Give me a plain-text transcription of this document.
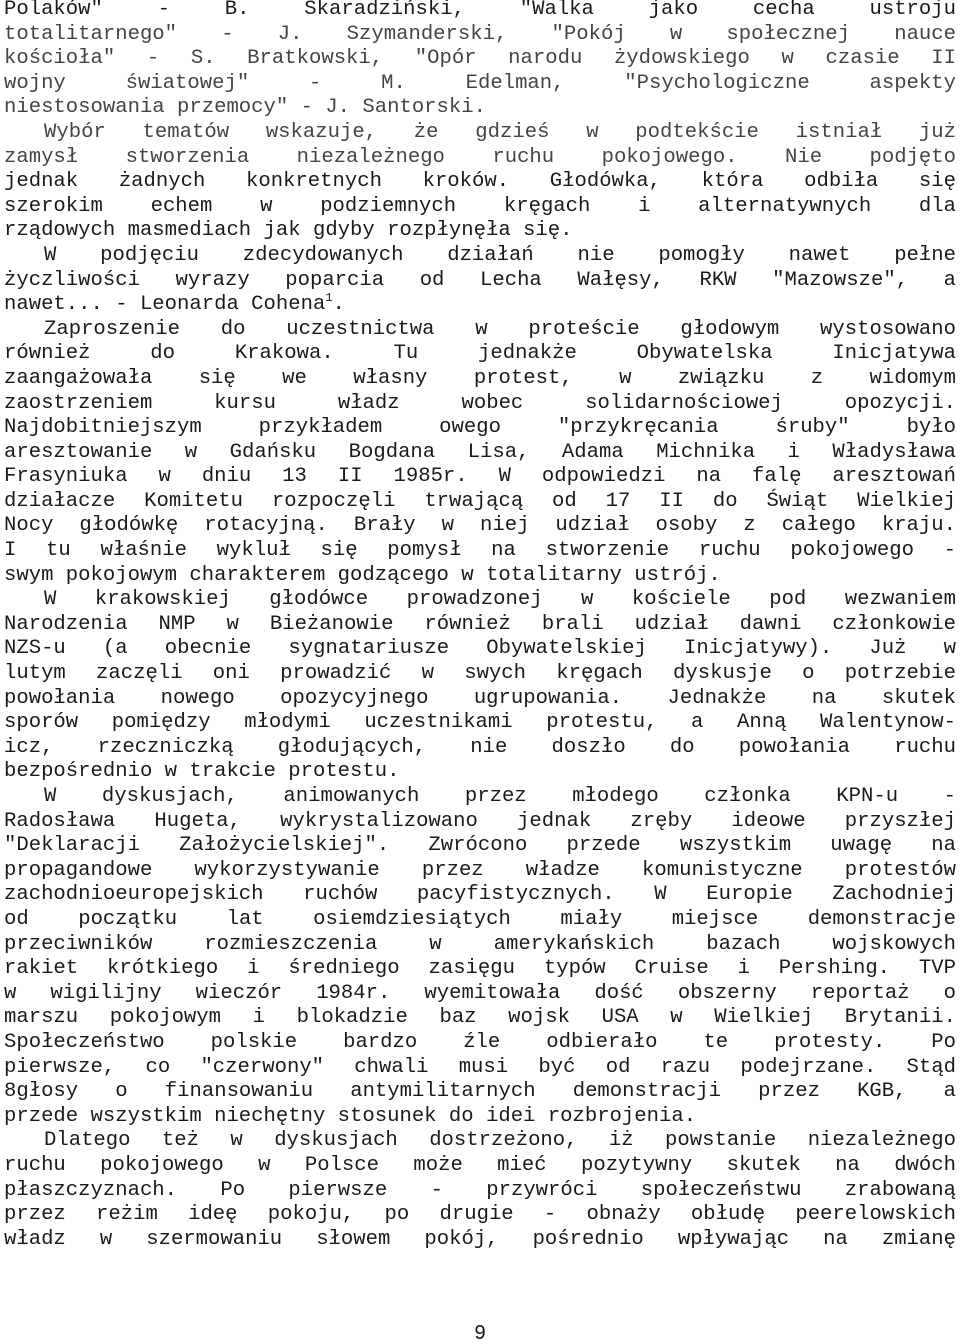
Polaków" - B. Skaradziński, "Walka jako cecha ustroju
totalitarnego" - J. Szymanderski, "Pokój w społecznej nauce
kościoła" - S. Bratkowski, "Opór narodu żydowskiego w czasie II
wojny światowej" - M. Edelman, "Psychologiczne aspekty
niestosowania przemocy" - J. Santorski.
Wybór tematów wskazuje, że gdzieś w podtekście istniał już
zamysł stworzenia niezależnego ruchu pokojowego. Nie podjęto
jednak żadnych konkretnych kroków. Głodówka, która odbiła się
szerokim echem w podziemnych kręgach i alternatywnych dla
rządowych masmediach jak gdyby rozpłynęła się.
W podjęciu zdecydowanych działań nie pomogły nawet pełne
życzliwości wyrazy poparcia od Lecha Wałęsy, RKW "Mazowsze", a
nawet... - Leonarda Cohena$^1$.
Zaproszenie do uczestnictwa w proteście głodowym wystosowano
również do Krakowa. Tu jednakże Obywatelska Inicjatywa
zaangażowała się we własny protest, w związku z widomym
zaostrzeniem kursu władz wobec solidarnościowej opozycji.
Najdobitniejszym przykładem owego "przykręcania śruby" było
aresztowanie w Gdańsku Bogdana Lisa, Adama Michnika i Władysława
Frasyniuka w dniu 13 II 1985r. W odpowiedzi na falę aresztowań
działacze Komitetu rozpoczęli trwającą od 17 II do Świąt Wielkiej
Nocy głodówkę rotacyjną. Brały w niej udział osoby z całego kraju.
I tu właśnie wykluł się pomysł na stworzenie ruchu pokojowego -
swym pokojowym charakterem godzącego w totalitarny ustrój.
W krakowskiej głodówce prowadzonej w kościele pod wezwaniem
Narodzenia NMP w Bieżanowie również brali udział dawni członkowie
NZS-u (a obecnie sygnatariusze Obywatelskiej Inicjatywy). Już w
lutym zaczęli oni prowadzić w swych kręgach dyskusje o potrzebie
powołania nowego opozycyjnego ugrupowania. Jednakże na skutek
sporów pomiędzy młodymi uczestnikami protestu, a Anną Walentynow-
icz, rzeczniczką głodujących, nie doszło do powołania ruchu
bezpośrednio w trakcie protestu.
W dyskusjach, animowanych przez młodego członka KPN-u -
Radosława Hugeta, wykrystalizowano jednak zręby ideowe przyszłej
"Deklaracji Założycielskiej". Zwrócono przede wszystkim uwagę na
propagandowe wykorzystywanie przez władze komunistyczne protestów
zachodnioeuropejskich ruchów pacyfistycznych. W Europie Zachodniej
od początku lat osiemdziesiątych miały miejsce demonstracje
przeciwników rozmieszczenia w amerykańskich bazach wojskowych
rakiet krótkiego i średniego zasięgu typów Cruise i Pershing. TVP
w wigilijny wieczór 1984r. wyemitowała dość obszerny reportaż o
marszu pokojowym i blokadzie baz wojsk USA w Wielkiej Brytanii.
Społeczeństwo polskie bardzo źle odbierało te protesty. Po
pierwsze, co "czerwony" chwali musi być od razu podejrzane. Stąd
8głosy o finansowaniu antymilitarnych demonstracji przez KGB, a
przede wszystkim niechętny stosunek do idei rozbrojenia.
Dlatego też w dyskusjach dostrzeżono, iż powstanie niezależnego
ruchu pokojowego w Polsce może mieć pozytywny skutek na dwóch
płaszczyznach. Po pierwsze - przywróci społeczeństwu zrabowaną
przez reżim ideę pokoju, po drugie - obnaży obłudę peerelowskich
władz w szermowaniu słowem pokój, pośrednio wpływając na zmianę
9
